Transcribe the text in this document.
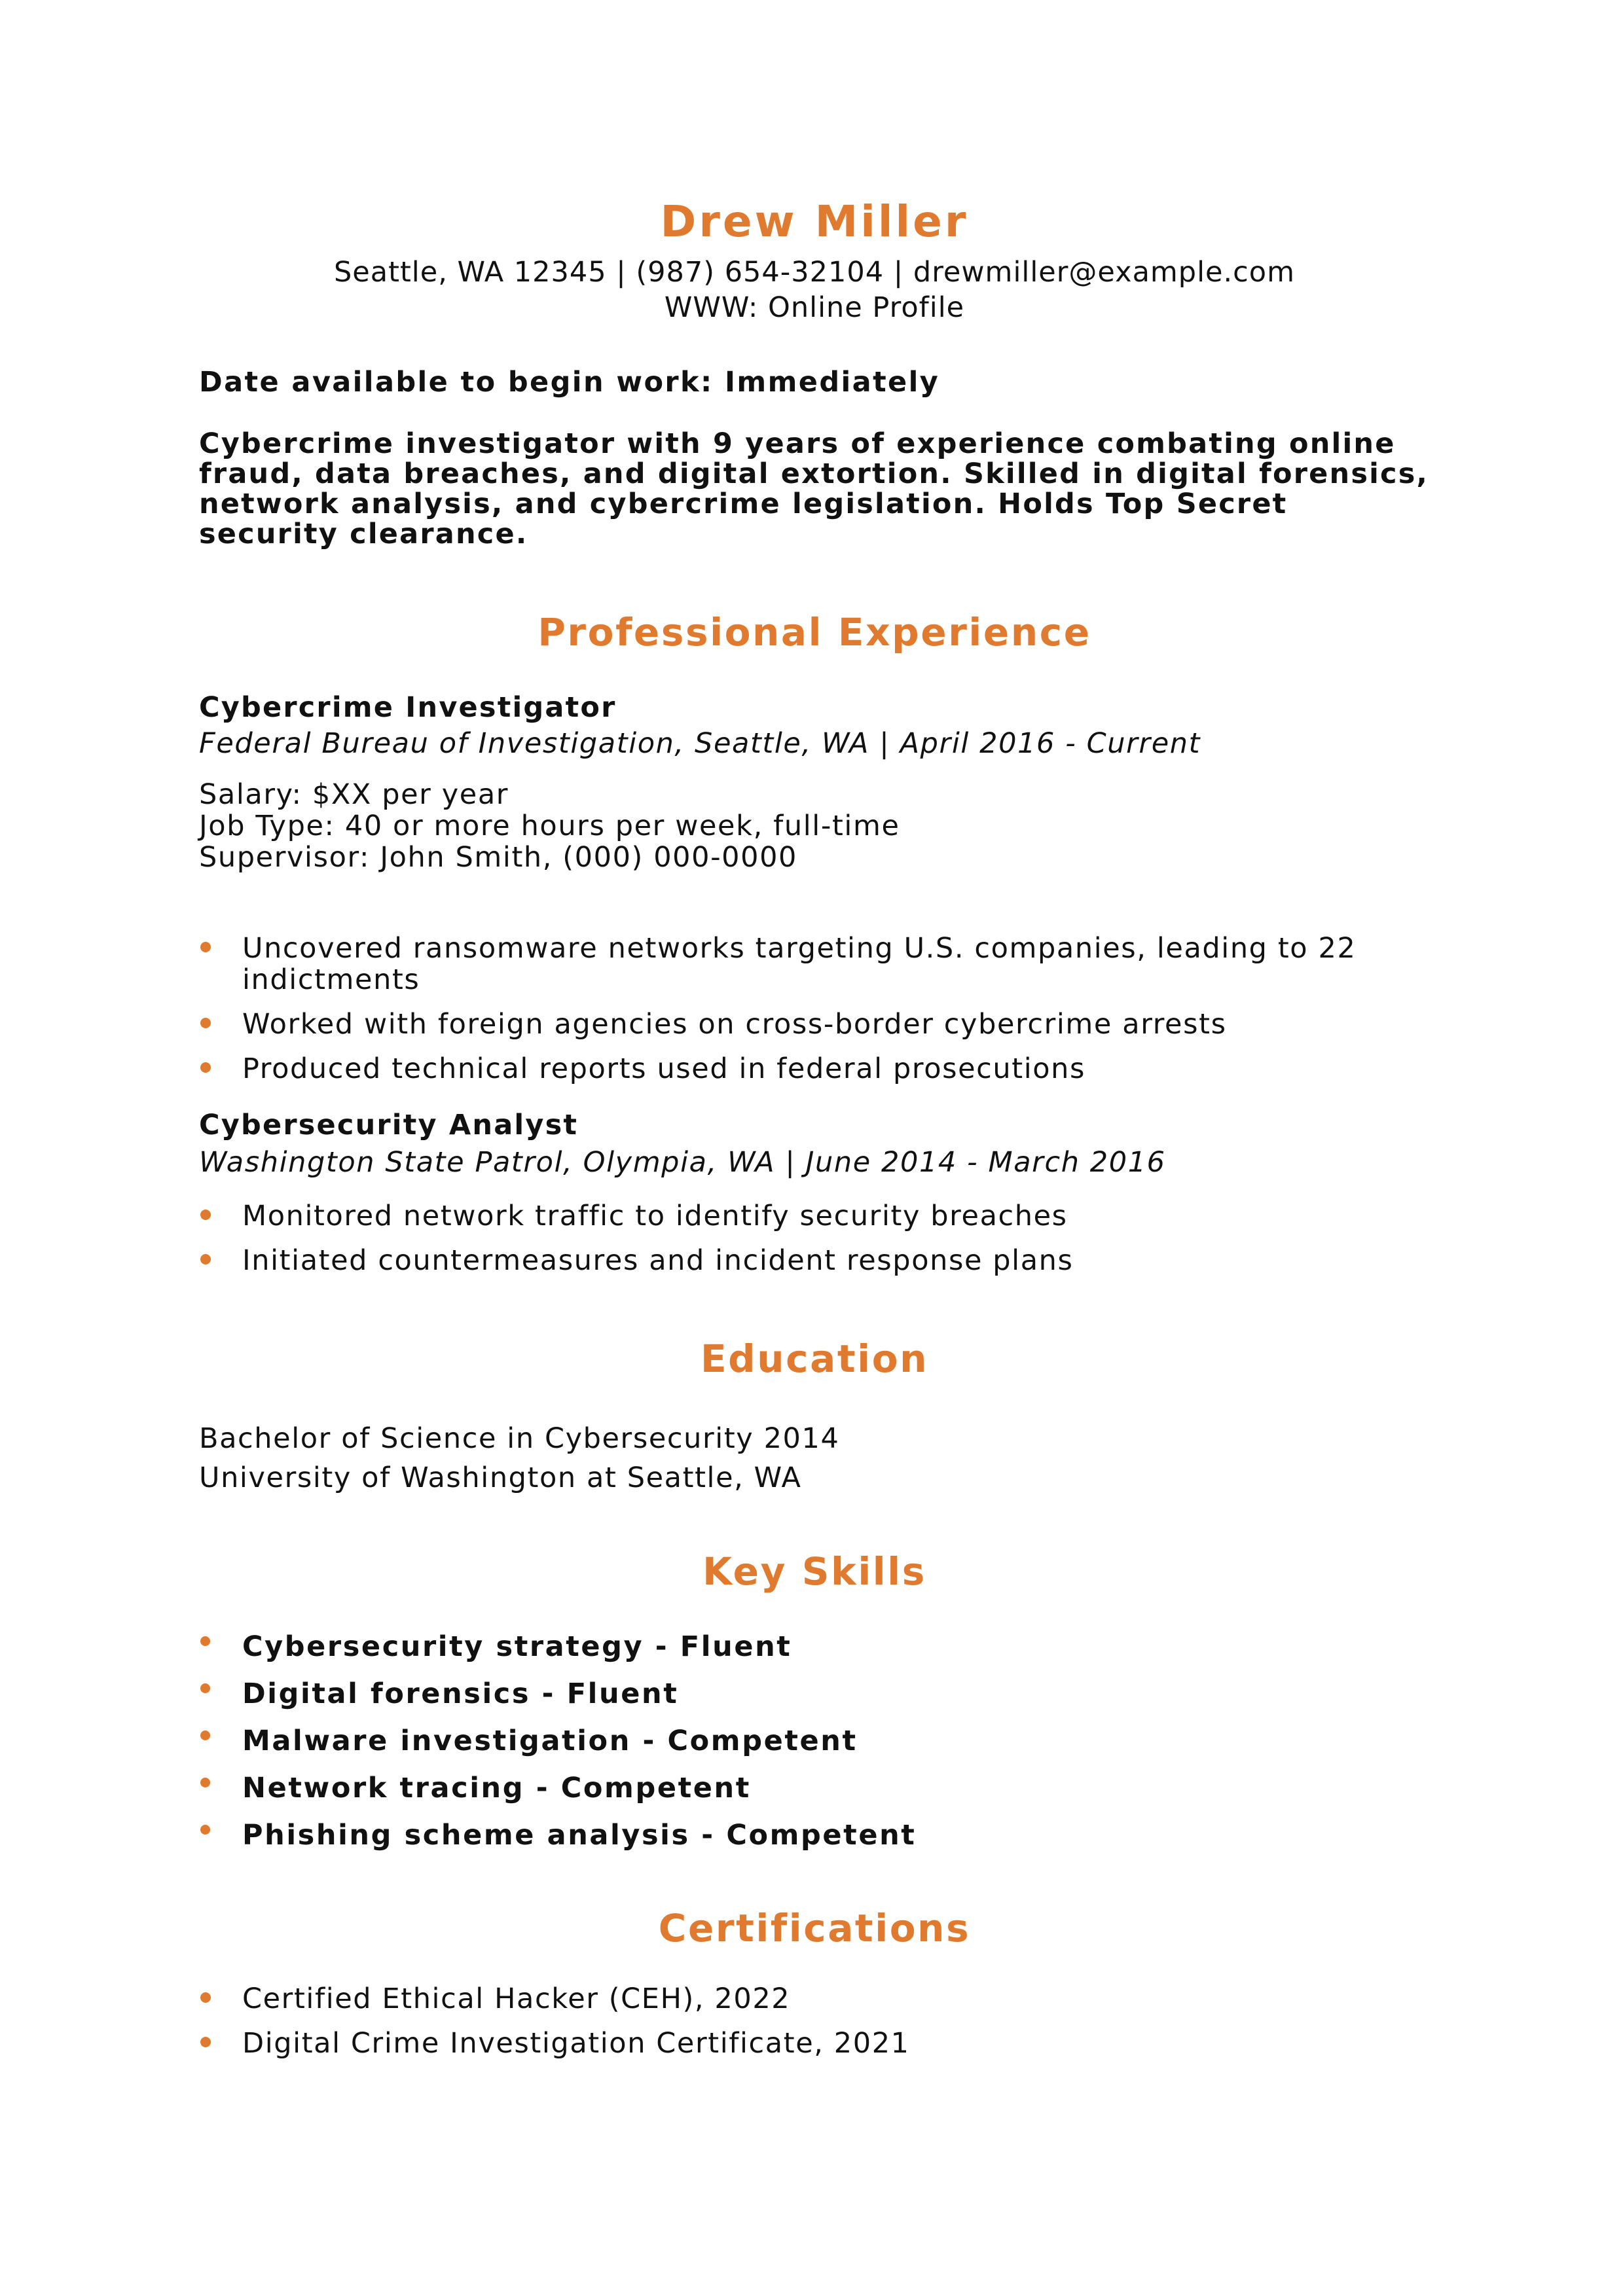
Drew Miller
Seattle, WA 12345 | (987) 654-32104 | drewmiller@example.com
WWW: Online Profile
Date available to begin work: Immediately
Cybercrime investigator with 9 years of experience combating online fraud, data breaches, and digital extortion. Skilled in digital forensics, network analysis, and cybercrime legislation. Holds Top Secret security clearance.
Professional Experience
Cybercrime Investigator
Federal Bureau of Investigation, Seattle, WA | April 2016 - Current
Salary: $XX per year
Job Type: 40 or more hours per week, full-time
Supervisor: John Smith, (000) 000-0000
Uncovered ransomware networks targeting U.S. companies, leading to 22 indictments
Worked with foreign agencies on cross-border cybercrime arrests
Produced technical reports used in federal prosecutions
Cybersecurity Analyst
Washington State Patrol, Olympia, WA | June 2014 - March 2016
Monitored network traffic to identify security breaches
Initiated countermeasures and incident response plans
Education
Bachelor of Science in Cybersecurity 2014
University of Washington at Seattle, WA
Key Skills
Cybersecurity strategy - Fluent
Digital forensics - Fluent
Malware investigation - Competent
Network tracing - Competent
Phishing scheme analysis - Competent
Certifications
Certified Ethical Hacker (CEH), 2022
Digital Crime Investigation Certificate, 2021
